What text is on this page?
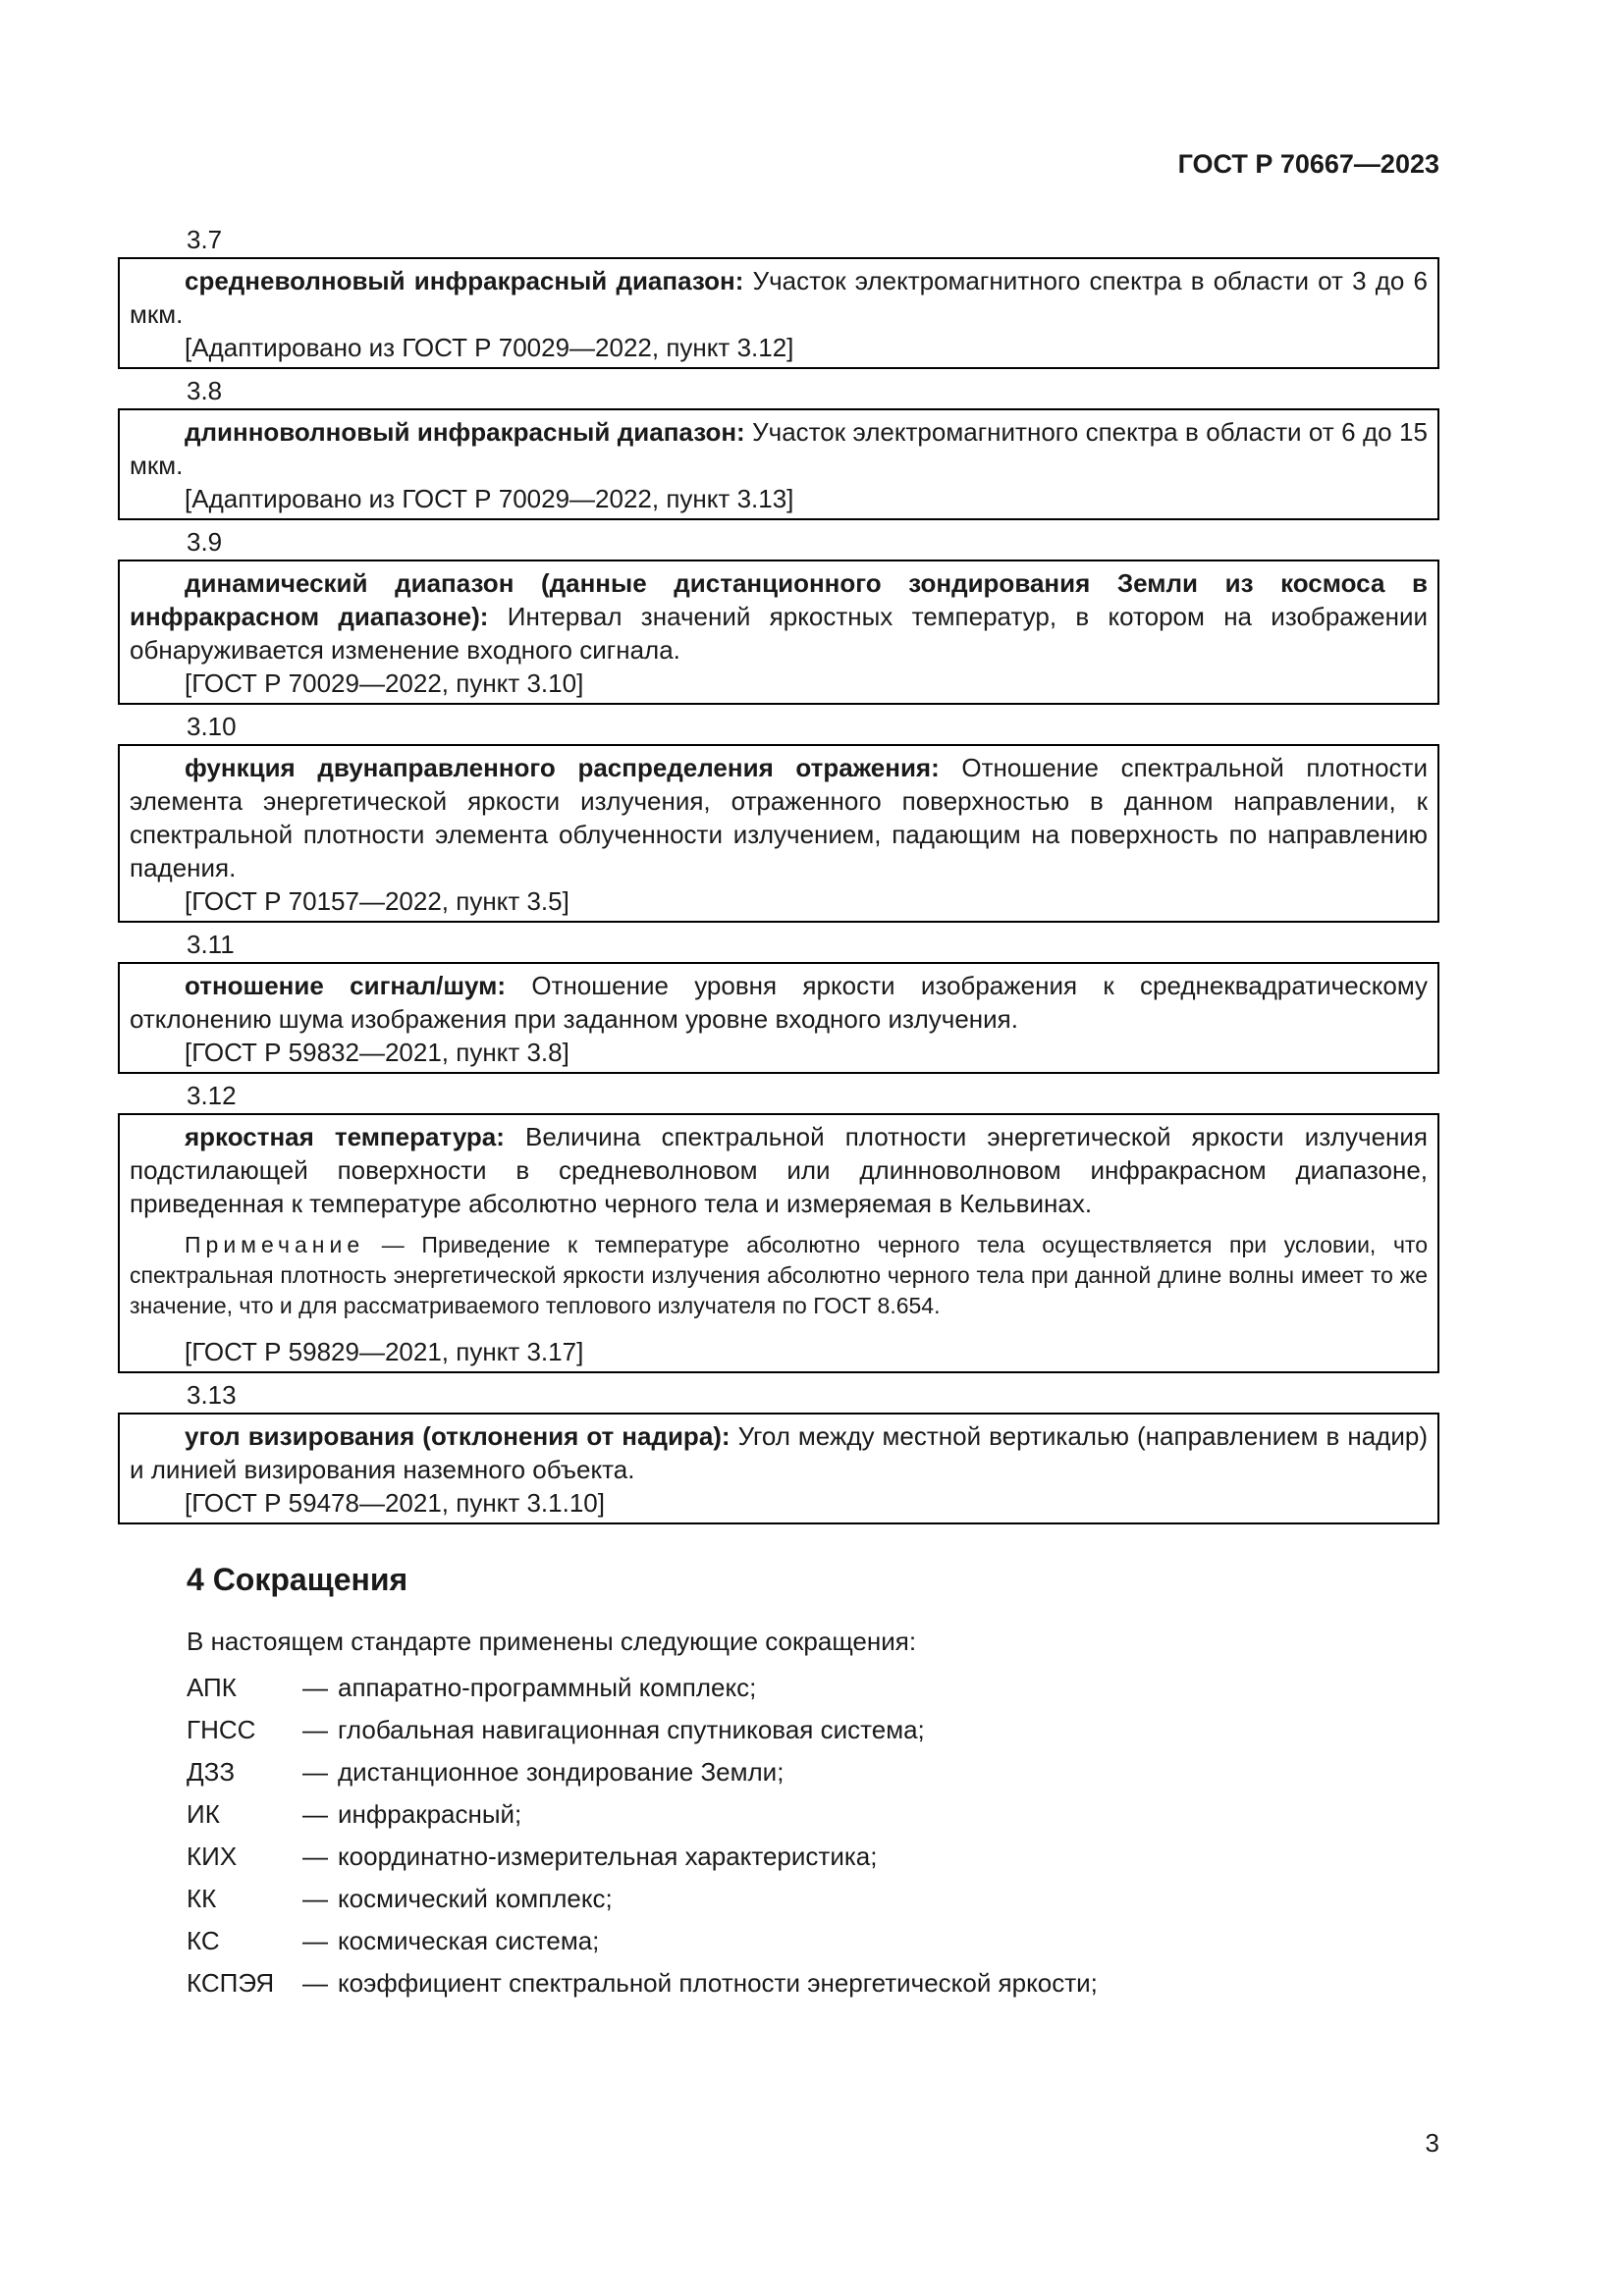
ГОСТ Р 70667—2023
3.7
средневолновый инфракрасный диапазон: Участок электромагнитного спектра в области от 3 до 6 мкм.
[Адаптировано из ГОСТ Р 70029—2022, пункт 3.12]
3.8
длинноволновый инфракрасный диапазон: Участок электромагнитного спектра в области от 6 до 15 мкм.
[Адаптировано из ГОСТ Р 70029—2022, пункт 3.13]
3.9
динамический диапазон (данные дистанционного зондирования Земли из космоса в инфракрасном диапазоне): Интервал значений яркостных температур, в котором на изображении обнаруживается изменение входного сигнала.
[ГОСТ Р 70029—2022, пункт 3.10]
3.10
функция двунаправленного распределения отражения: Отношение спектральной плотности элемента энергетической яркости излучения, отраженного поверхностью в данном направлении, к спектральной плотности элемента облученности излучением, падающим на поверхность по направлению падения.
[ГОСТ Р 70157—2022, пункт 3.5]
3.11
отношение сигнал/шум: Отношение уровня яркости изображения к среднеквадратическому отклонению шума изображения при заданном уровне входного излучения.
[ГОСТ Р 59832—2021, пункт 3.8]
3.12
яркостная температура: Величина спектральной плотности энергетической яркости излучения подстилающей поверхности в средневолновом или длинноволновом инфракрасном диапазоне, приведенная к температуре абсолютно черного тела и измеряемая в Кельвинах.
Примечание — Приведение к температуре абсолютно черного тела осуществляется при условии, что спектральная плотность энергетической яркости излучения абсолютно черного тела при данной длине волны имеет то же значение, что и для рассматриваемого теплового излучателя по ГОСТ 8.654.
[ГОСТ Р 59829—2021, пункт 3.17]
3.13
угол визирования (отклонения от надира): Угол между местной вертикалью (направлением в надир) и линией визирования наземного объекта.
[ГОСТ Р 59478—2021, пункт 3.1.10]
4 Сокращения
В настоящем стандарте применены следующие сокращения:
АПК	— аппаратно-программный комплекс;
ГНСС	— глобальная навигационная спутниковая система;
ДЗЗ	— дистанционное зондирование Земли;
ИК	— инфракрасный;
КИХ	— координатно-измерительная характеристика;
КК	— космический комплекс;
КС	— космическая система;
КСПЭЯ	— коэффициент спектральной плотности энергетической яркости;
3
